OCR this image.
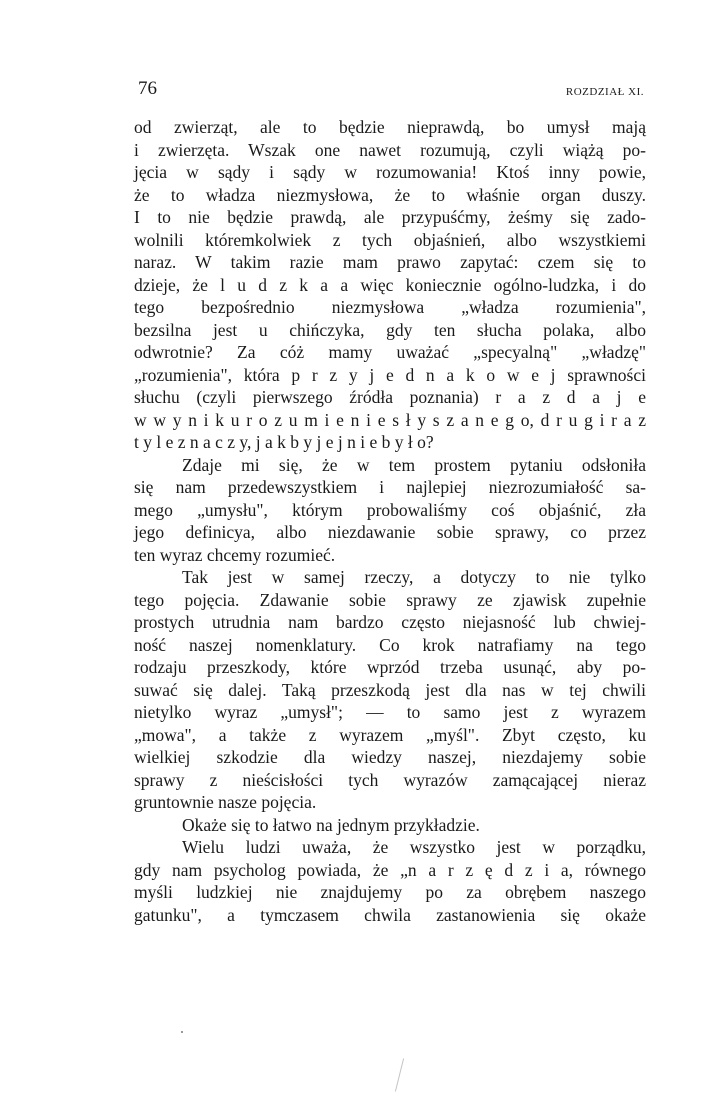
76	ROZDZIAŁ XI.
od zwierząt, ale to będzie nieprawdą, bo umysł mają
i zwierzęta. Wszak one nawet rozumują, czyli wiążą po-
jęcia w sądy i sądy w rozumowania! Ktoś inny powie,
że to władza niezmysłowa, że to właśnie organ duszy.
I to nie będzie prawdą, ale przypuśćmy, żeśmy się zado-
wolnili któremkolwiek z tych objaśnień, albo wszystkiemi
naraz. W takim razie mam prawo zapytać: czem się to
dzieje, że l u d z k a a więc koniecznie ogólno-ludzka, i do
tego bezpośrednio niezmysłowa „władza rozumienia",
bezsilna jest u chińczyka, gdy ten słucha polaka, albo
odwrotnie? Za cóż mamy uważać „specyalną" „władzę"
„rozumienia", która p r z y j e d n a k o w e j sprawności
słuchu (czyli pierwszego źródła poznania) r a z d a j e
w w y n i k u r o z u m i e n i e s ł y s z a n e g o, d r u g i r a z
t y l e z n a c z y, j a k b y j e j n i e b y ł o?
Zdaje mi się, że w tem prostem pytaniu odsłoniła
się nam przedewszystkiem i najlepiej niezrozumiałość sa-
mego „umysłu", którym probowaliśmy coś objaśnić, zła
jego definicya, albo niezdawanie sobie sprawy, co przez
ten wyraz chcemy rozumieć.
Tak jest w samej rzeczy, a dotyczy to nie tylko
tego pojęcia. Zdawanie sobie sprawy ze zjawisk zupełnie
prostych utrudnia nam bardzo często niejasność lub chwiej-
ność naszej nomenklatury. Co krok natrafiamy na tego
rodzaju przeszkody, które wprzód trzeba usunąć, aby po-
suwać się dalej. Taką przeszkodą jest dla nas w tej chwili
nietylko wyraz „umysł"; — to samo jest z wyrazem
„mowa", a także z wyrazem „myśl". Zbyt często, ku
wielkiej szkodzie dla wiedzy naszej, niezdajemy sobie
sprawy z nieścisłości tych wyrazów zamącającej nieraz
gruntownie nasze pojęcia.
Okaże się to łatwo na jednym przykładzie.
Wielu ludzi uważa, że wszystko jest w porządku,
gdy nam psycholog powiada, że „n a r z ę d z i a, równego
myśli ludzkiej nie znajdujemy po za obrębem naszego
gatunku", a tymczasem chwila zastanowienia się okaże
